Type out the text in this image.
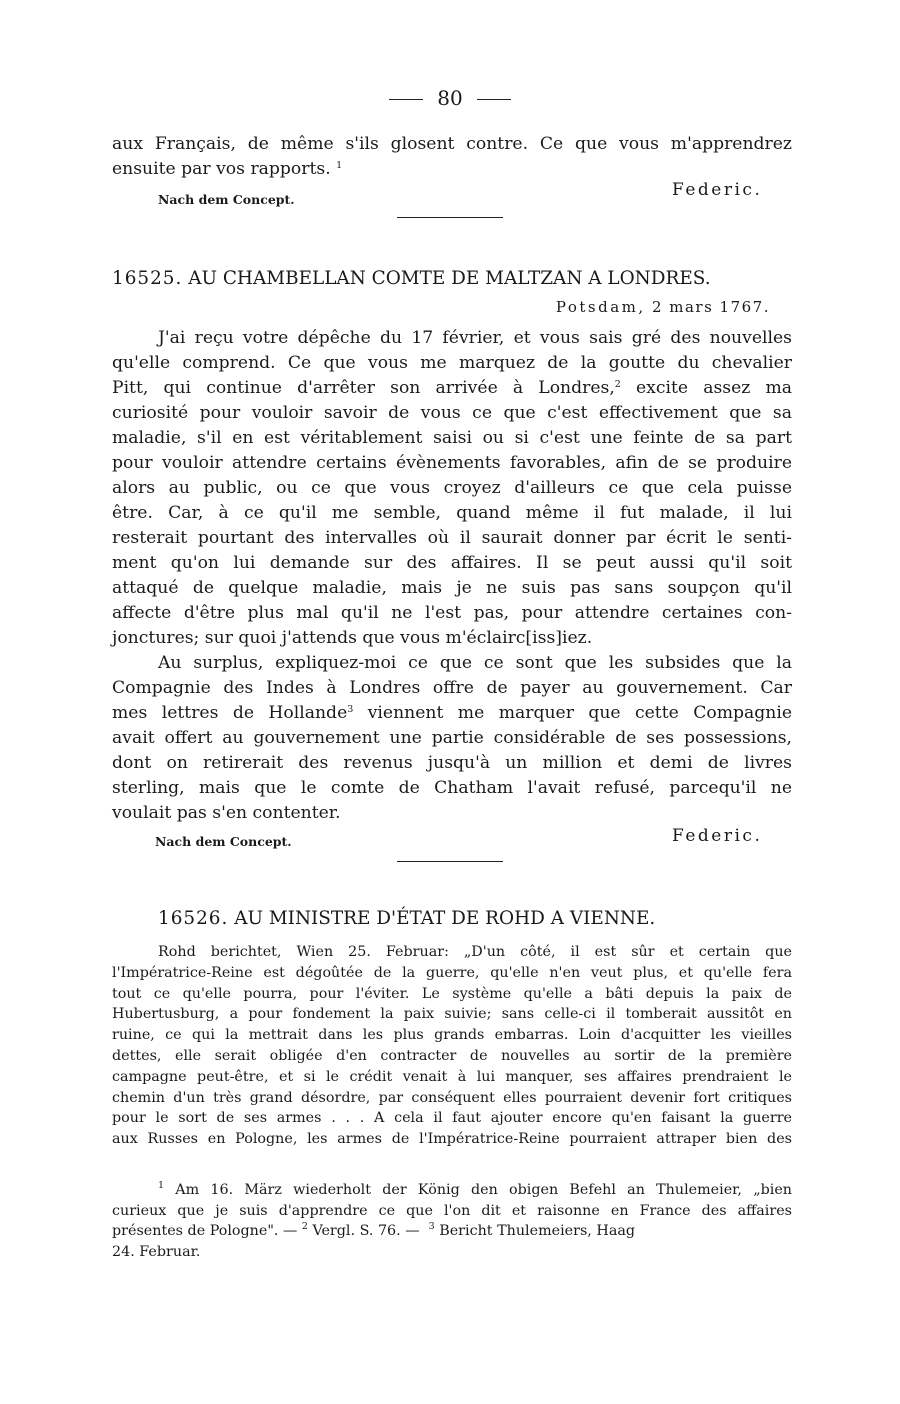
80
aux Français, de même s'ils glosent contre. Ce que vous m'apprendrez
ensuite par vos rapports. $^1$
Nach dem Concept.	Federic.
16525. AU CHAMBELLAN COMTE DE MALTZAN A LONDRES.
Potsdam, 2 mars 1767.
J'ai reçu votre dépêche du 17 février, et vous sais gré des nouvelles
qu'elle comprend. Ce que vous me marquez de la goutte du chevalier
Pitt, qui continue d'arrêter son arrivée à Londres,$^2$ excite assez ma
curiosité pour vouloir savoir de vous ce que c'est effectivement que sa
maladie, s'il en est véritablement saisi ou si c'est une feinte de sa part
pour vouloir attendre certains évènements favorables, afin de se produire
alors au public, ou ce que vous croyez d'ailleurs ce que cela puisse
être. Car, à ce qu'il me semble, quand même il fut malade, il lui
resterait pourtant des intervalles où il saurait donner par écrit le senti-
ment qu'on lui demande sur des affaires. Il se peut aussi qu'il soit
attaqué de quelque maladie, mais je ne suis pas sans soupçon qu'il
affecte d'être plus mal qu'il ne l'est pas, pour attendre certaines con-
jonctures; sur quoi j'attends que vous m'éclairc[iss]iez.
Au surplus, expliquez-moi ce que ce sont que les subsides que la
Compagnie des Indes à Londres offre de payer au gouvernement. Car
mes lettres de Hollande$^3$ viennent me marquer que cette Compagnie
avait offert au gouvernement une partie considérable de ses possessions,
dont on retirerait des revenus jusqu'à un million et demi de livres
sterling, mais que le comte de Chatham l'avait refusé, parcequ'il ne
voulait pas s'en contenter.
Nach dem Concept.	Federic.
16526. AU MINISTRE D'ÉTAT DE ROHD A VIENNE.
Rohd berichtet, Wien 25. Februar: „D'un côté, il est sûr et certain que
l'Impératrice-Reine est dégoûtée de la guerre, qu'elle n'en veut plus, et qu'elle fera
tout ce qu'elle pourra, pour l'éviter. Le système qu'elle a bâti depuis la paix de
Hubertusburg, a pour fondement la paix suivie; sans celle-ci il tomberait aussitôt en
ruine, ce qui la mettrait dans les plus grands embarras. Loin d'acquitter les vieilles
dettes, elle serait obligée d'en contracter de nouvelles au sortir de la première
campagne peut-être, et si le crédit venait à lui manquer, ses affaires prendraient le
chemin d'un très grand désordre, par conséquent elles pourraient devenir fort critiques
pour le sort de ses armes . . . A cela il faut ajouter encore qu'en faisant la guerre
aux Russes en Pologne, les armes de l'Impératrice-Reine pourraient attraper bien des
$^1$ Am 16. März wiederholt der König den obigen Befehl an Thulemeier, „bien
curieux que je suis d'apprendre ce que l'on dit et raisonne en France des affaires
présentes de Pologne". — $^2$ Vergl. S. 76. — $^3$ Bericht Thulemeiers, Haag
24. Februar.
